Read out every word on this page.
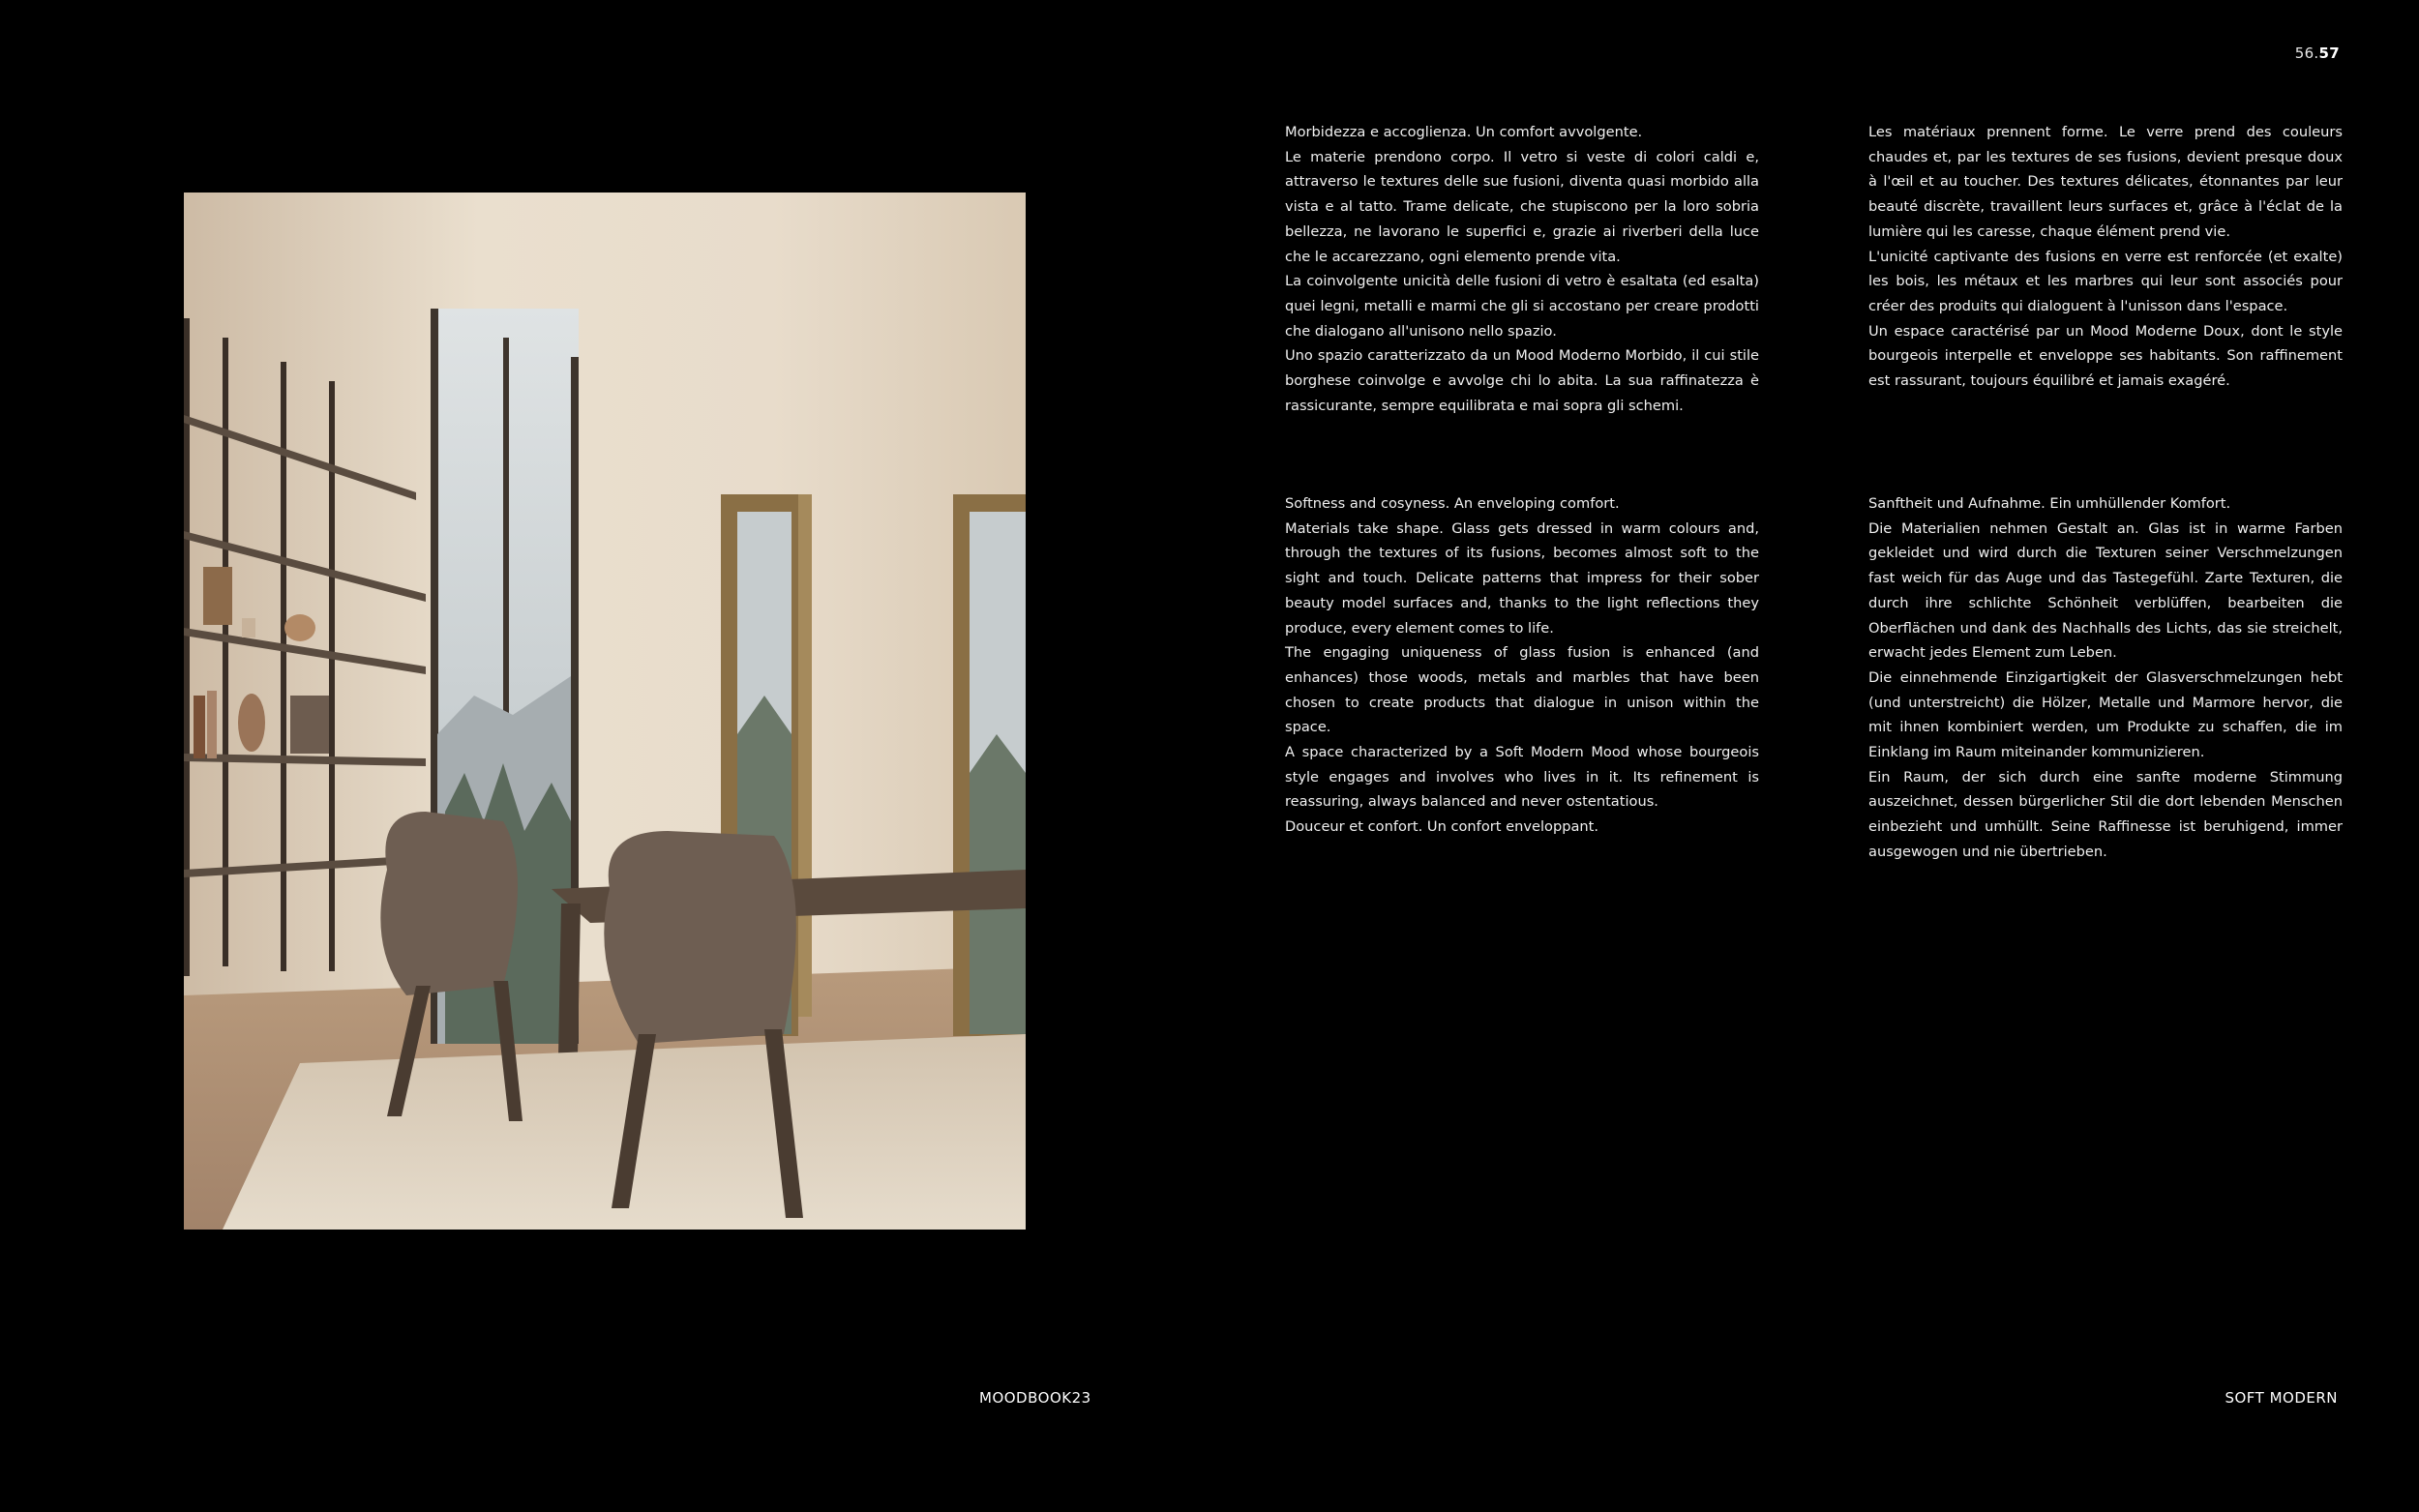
56.57

Morbidezza e accoglienza. Un comfort avvolgente.

Le materie prendono corpo. Il vetro si veste di colori caldi e, attraverso le textures delle sue fusioni, diventa quasi morbido alla vista e al tatto. Trame delicate, che stupiscono per la loro sobria bellezza, ne lavorano le superfici e, grazie ai riverberi della luce che le accarezzano, ogni elemento prende vita.

La coinvolgente unicità delle fusioni di vetro è esaltata (ed esalta) quei legni, metalli e marmi che gli si accostano per creare prodotti che dialogano all'unisono nello spazio.

Uno spazio caratterizzato da un Mood Moderno Morbido, il cui stile borghese coinvolge e avvolge chi lo abita. La sua raffinatezza è rassicurante, sempre equilibrata e mai sopra gli schemi.

Les matériaux prennent forme. Le verre prend des couleurs chaudes et, par les textures de ses fusions, devient presque doux à l'œil et au toucher. Des textures délicates, étonnantes par leur beauté discrète, travaillent leurs surfaces et, grâce à l'éclat de la lumière qui les caresse, chaque élément prend vie.

L'unicité captivante des fusions en verre est renforcée (et exalte) les bois, les métaux et les marbres qui leur sont associés pour créer des produits qui dialoguent à l'unisson dans l'espace.

Un espace caractérisé par un Mood Moderne Doux, dont le style bourgeois interpelle et enveloppe ses habitants. Son raffinement est rassurant, toujours équilibré et jamais exagéré.

Softness and cosyness. An enveloping comfort.

Materials take shape. Glass gets dressed in warm colours and, through the textures of its fusions, becomes almost soft to the sight and touch. Delicate patterns that impress for their sober beauty model surfaces and, thanks to the light reflections they produce, every element comes to life.

The engaging uniqueness of glass fusion is enhanced (and enhances) those woods, metals and marbles that have been chosen to create products that dialogue in unison within the space.

A space characterized by a Soft Modern Mood whose bourgeois style engages and involves who lives in it. Its refinement is reassuring, always balanced and never ostentatious.

Douceur et confort. Un confort enveloppant.

Sanftheit und Aufnahme. Ein umhüllender Komfort.

Die Materialien nehmen Gestalt an. Glas ist in warme Farben gekleidet und wird durch die Texturen seiner Verschmelzungen fast weich für das Auge und das Tastegefühl. Zarte Texturen, die durch ihre schlichte Schönheit verblüffen, bearbeiten die Oberflächen und dank des Nachhalls des Lichts, das sie streichelt, erwacht jedes Element zum Leben.

Die einnehmende Einzigartigkeit der Glasverschmelzungen hebt (und unterstreicht) die Hölzer, Metalle und Marmore hervor, die mit ihnen kombiniert werden, um Produkte zu schaffen, die im Einklang im Raum miteinander kommunizieren.

Ein Raum, der sich durch eine sanfte moderne Stimmung auszeichnet, dessen bürgerlicher Stil die dort lebenden Menschen einbezieht und umhüllt. Seine Raffinesse ist beruhigend, immer ausgewogen und nie übertrieben.

MOODBOOK23	SOFT MODERN
